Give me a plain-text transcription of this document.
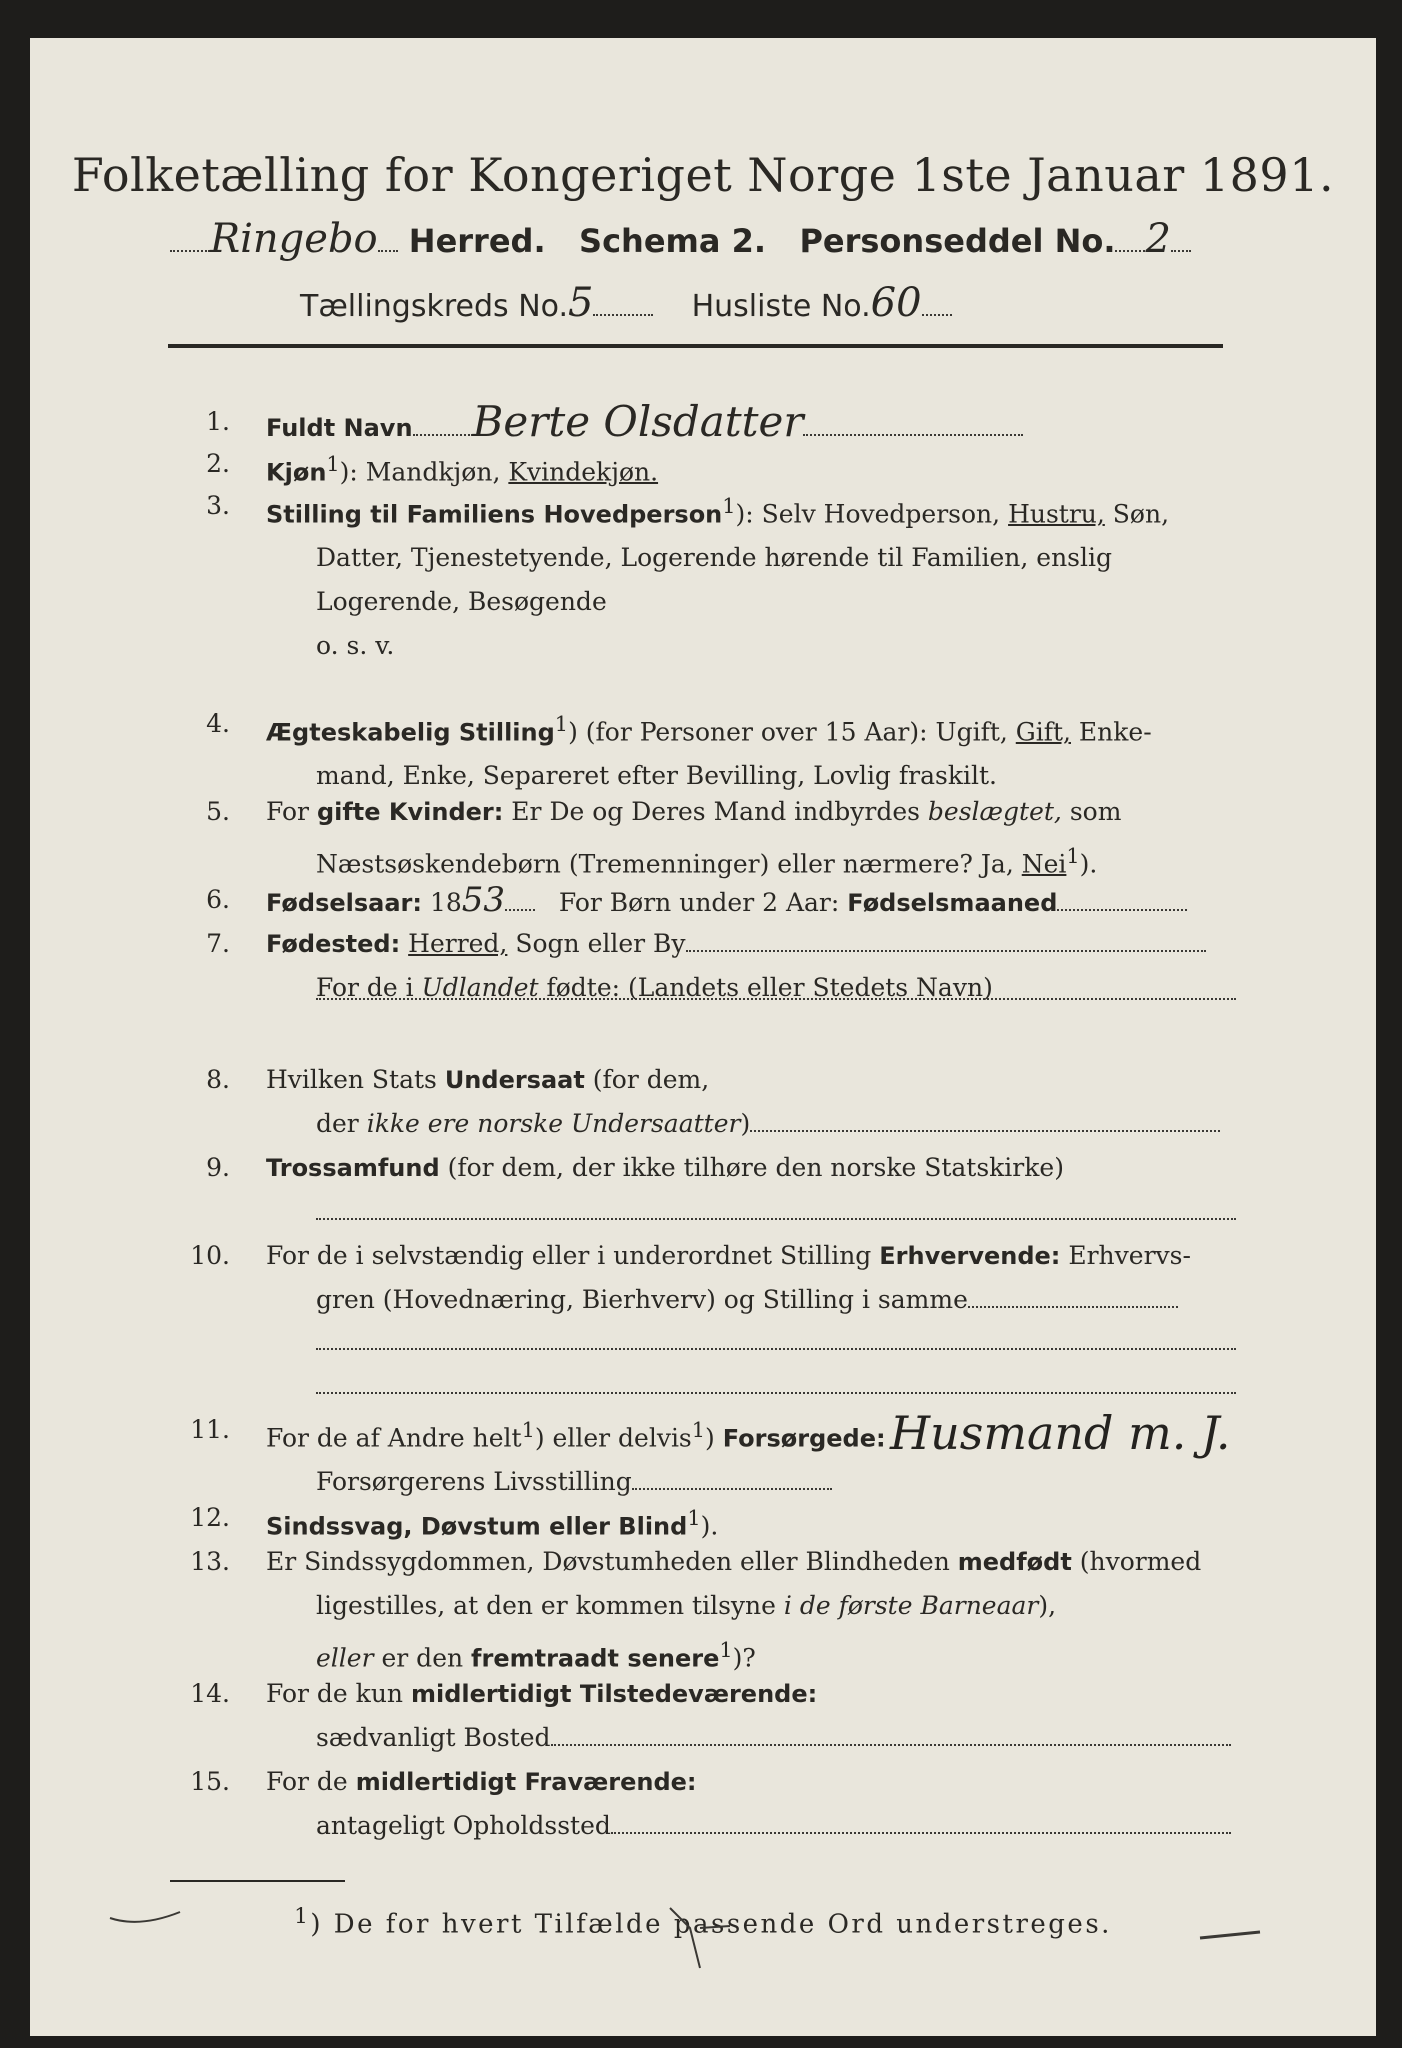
Folketælling for Kongeriget Norge 1ste Januar 1891.
Ringebo Herred. Schema 2. Personseddel No. 2
Tællingskreds No.5	Husliste No.60
1. Fuldt Navn Berte Olsdatter
2. Kjøn$^1$): Mandkjøn, Kvindekjøn.
3. Stilling til Familiens Hovedperson$^1$): Selv Hovedperson, Hustru, Søn,
Datter, Tjenestetyende, Logerende hørende til Familien, enslig
Logerende, Besøgende
o. s. v.
4. Ægteskabelig Stilling$^1$) (for Personer over 15 Aar): Ugift, Gift, Enke-
mand, Enke, Separeret efter Bevilling, Lovlig fraskilt.
5. For gifte Kvinder: Er De og Deres Mand indbyrdes beslægtet, som
Næstsøskendebørn (Tremenninger) eller nærmere? Ja, Nei$^1$).
6. Fødselsaar: 1853 For Børn under 2 Aar: Fødselsmaaned
7. Fødested: Herred, Sogn eller By
For de i Udlandet fødte: (Landets eller Stedets Navn)
8. Hvilken Stats Undersaat (for dem,
der ikke ere norske Undersaatter)
9. Trossamfund (for dem, der ikke tilhøre den norske Statskirke)
10. For de i selvstændig eller i underordnet Stilling Erhvervende: Erhvervs-
gren (Hovednæring, Bierhverv) og Stilling i samme
11. For de af Andre helt$^1$) eller delvis$^1$) Forsørgede:
Forsørgerens Livsstilling
Husmand m. J.
12. Sindssvag, Døvstum eller Blind$^1$).
13. Er Sindssygdommen, Døvstumheden eller Blindheden medfødt (hvormed
ligestilles, at den er kommen tilsyne i de første Barneaar),
eller er den fremtraadt senere$^1$)?
14. For de kun midlertidigt Tilstedeværende:
sædvanligt Bosted
15. For de midlertidigt Fraværende:
antageligt Opholdssted
$^1$) De for hvert Tilfælde passende Ord understreges.
